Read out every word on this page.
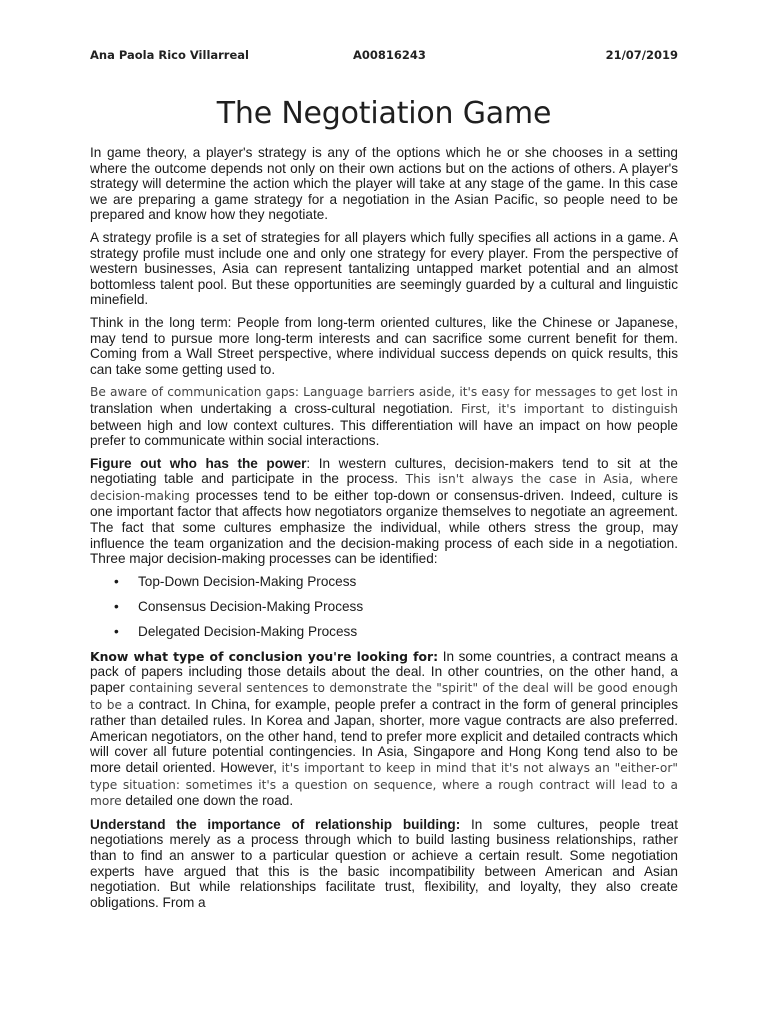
Ana Paola Rico Villarreal	A00816243	21/07/2019
The Negotiation Game

In game theory, a player's strategy is any of the options which he or she chooses in a setting where the outcome depends not only on their own actions but on the actions of others. A player's strategy will determine the action which the player will take at any stage of the game. In this case we are preparing a game strategy for a negotiation in the Asian Pacific, so people need to be prepared and know how they negotiate.

A strategy profile is a set of strategies for all players which fully specifies all actions in a game. A strategy profile must include one and only one strategy for every player. From the perspective of western businesses, Asia can represent tantalizing untapped market potential and an almost bottomless talent pool. But these opportunities are seemingly guarded by a cultural and linguistic minefield.

Think in the long term: People from long-term oriented cultures, like the Chinese or Japanese, may tend to pursue more long-term interests and can sacrifice some current benefit for them. Coming from a Wall Street perspective, where individual success depends on quick results, this can take some getting used to.

Be aware of communication gaps: Language barriers aside, it's easy for messages to get lost in translation when undertaking a cross-cultural negotiation. First, it's important to distinguish between high and low context cultures. This differentiation will have an impact on how people prefer to communicate within social interactions.

Figure out who has the power: In western cultures, decision-makers tend to sit at the negotiating table and participate in the process. This isn't always the case in Asia, where decision-making processes tend to be either top-down or consensus-driven. Indeed, culture is one important factor that affects how negotiators organize themselves to negotiate an agreement. The fact that some cultures emphasize the individual, while others stress the group, may influence the team organization and the decision-making process of each side in a negotiation. Three major decision-making processes can be identified:

• Top-Down Decision-Making Process
• Consensus Decision-Making Process
• Delegated Decision-Making Process

Know what type of conclusion you're looking for: In some countries, a contract means a pack of papers including those details about the deal. In other countries, on the other hand, a paper containing several sentences to demonstrate the "spirit" of the deal will be good enough to be a contract. In China, for example, people prefer a contract in the form of general principles rather than detailed rules. In Korea and Japan, shorter, more vague contracts are also preferred. American negotiators, on the other hand, tend to prefer more explicit and detailed contracts which will cover all future potential contingencies. In Asia, Singapore and Hong Kong tend also to be more detail oriented. However, it's important to keep in mind that it's not always an "either-or" type situation: sometimes it's a question on sequence, where a rough contract will lead to a more detailed one down the road.

Understand the importance of relationship building: In some cultures, people treat negotiations merely as a process through which to build lasting business relationships, rather than to find an answer to a particular question or achieve a certain result. Some negotiation experts have argued that this is the basic incompatibility between American and Asian negotiation. But while relationships facilitate trust, flexibility, and loyalty, they also create obligations. From a
